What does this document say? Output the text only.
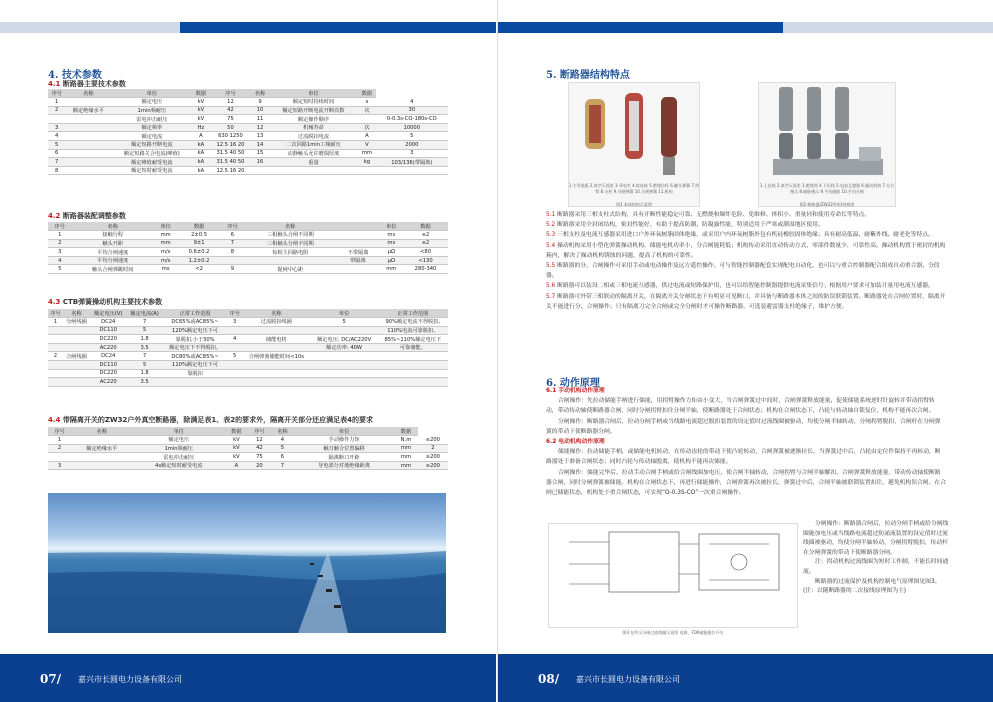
4. 技术参数
4.1 断路器主要技术参数
序号	名称	单位	数据	序号	名称	单位	数据	
1		额定电压	kV	12	9	额定短时持续时间	s	4
2	额定绝缘水平	1min频耐压	kV	42	10	额定短路开断电流开断次数	次	30
		雷电冲击耐压	kV	75	11	额定操作顺序		0-0.3s-CO-180s-CO
3		额定频率	Hz	50	12	机械寿命	次	10000
4		额定电流	A	630 1250	13	过流脱扣电流	A	5
5		额定短路开断电流	kA	12.5 16 20	14	二次回路1min工频耐压	V	2000
6		额定短路关合电流(峰值)	kA	31.5 40 50	15	动静触头允许磨损厚度	mm	3
7		额定峰值耐受电流	kA	31.5 40 50	16	重量	kg	103/136(带隔离)
8		额定短时耐受电流	kA	12.5 16 20				
4.2 断路器装配调整参数
序号	名称	单位	数据	序号	名称		单位	数据
1	接触行程	mm	2±0.5	6	三相触头合闸不同期		ms	≤2
2	触头开距	mm	9±1	7	三相触头分闸不同期		ms	≤2
3	平均合闸速度	m/s	0.6±0.2	8	每相主回路电阻	不带隔离	μΩ	<80
4	平均分闸速度	m/s	1.2±0.2			带隔离	μΩ	<130
5	触头合闸弹跳时间	ms	<2	9	提闸中心距		mm	280-340
4.3 CTB弹簧操动机构主要技术参数
序号	名称	额定电压(V)	额定电流(A)	正常工作范围	序号	名称	单位	正常工作范围
1	分闸线圈	DC24	7	DC65%或AC85%~	3	过流脱扣线圈	5	90%额定电流不得脱扣,
		DC110	5	120%额定电压下可				110%电流可靠脱扣。
		DC220	1.8	靠脱扣,小于30%	4	储能电机	额定电压: DC/AC220V	85%~110%额定电压下
		AC220	3.5	额定电压下不得脱扣。			额定功率: 40W	可靠储能。
2	合闸线圈	DC24	7	DC80%或AC85%~	5	合闸弹簧储能时间<10s		
		DC110	5	110%额定电压下可				
		DC220	1.8	靠脱扣				
		AC220	3.5					
4.4 带隔离开关的ZW32户外真空断路器，除满足表1、表2的要求外，隔离开关部分还应满足表4的要求
序号	名称	单位	数据	序号	名称	单位	数据	
1		额定电压	kV	12	4	手动操作力矩	N.m	≤200
2	额定绝缘水平	1min频耐压	kV	42	5	触刀触合位置偏移	mm	2
		雷电冲击耐压	kV	75	6	隔离断口开距	mm	≥200
3		4s额定短时耐受电流	A	20	7	导电部分对地绝缘距离	mm	≥200
07/ 嘉兴市长圆电力设备有限公司
5. 断路器结构特点
1.主导电板 2.真空灭弧室 3.导电夹 4.软连接 5.绝缘拉杆 6.触头弹簧 7.拐臂 8.支柱 9.分闸弹簧 10.合闸弹簧 11.机构
图1 本体结构示意图
1.上出线 2.真空灭弧室 3.绝缘筒 4.下出线 5.电流互感器 6.操动机构 7.分合指示 8.储能指示 9.手动储能 10.手动分闸
图2 断路器(ZW32外形)结构图
5.1 断路器采用三相支柱式结构，具有开断性能稳定可靠、无燃烧和爆炸危险、免维修、体积小、重量轻和使用寿命长等特点。
5.2 断路器采用全封闭结构，密封性能好，有助于提高防潮、防凝露性能，特别适用于严寒或潮湿地区使用。
5.3 三相支柱及电流互感器采用进口户外环氧树脂固体绝缘，或采用户内环氧树脂外包有机硅橡胶固体绝缘；具有耐高低温、耐紫外线、耐老化等特点。
5.4 操动机构采用小型化弹簧操动机构，储能电机功率小，分合闸能耗低；机构传动采用直动传动方式，零部件数量少，可靠性高。操动机构置于密封的机构箱内，解决了操动机构锈蚀的问题，提高了机构的可靠性。
5.5 断路器的分、合闸操作可采用手动或电动操作及远方遥控操作。可与智能控制器配套实现配电自动化，也可以与重合控制器配合组成自动重合器、分段器。
5.6 断路器可以装设二相或三相电流互感器，供过电流或短路保护用，也可以给智能控制器提供电流采集信号；根据用户要求可加装计量用电流互感器。
5.7 断路器可外带三相联动的隔离开关，在隔离开关分闸状态下有明显可见断口，并具备与断路器本体之间的防误联锁装置。断路器处在合闸位置时，隔离开关不能进行分、合闸操作；只有隔离刀完全合闸或完全分闸时才可操作断路器。可选装避雷器支柱绝缘子，维护方便。
6. 动作原理
6.1 手动机构动作原理
合闸操作：先拉动储能手柄进行储能，用拐臂操作力矩由小变大，当合闸弹簧过中间时，合闸弹簧释放能量，促使储能系统逆时针旋转并带动拐臂转动，带动传动轴使断路器合闸，同时分闸拐臂扣住分闸半轴，使断路器处于合闸状态；机构在合闸状态下，凸轮与转动轴自锁复位，机构不能再次合闸。
分闸操作：断路器合闸后，拉动分闸手柄或当线路电流超过脱扣装置的设定值时过流线圈被驱动，均使分闸半轴转动，分闸拐臂脱扣，合闸杆在分闸弹簧的带动下使断路器分闸。
6.2 电动机构动作原理
储能操作：拉动储能手柄，或储能电机转动，在传动齿轮的带动下使凸轮转动，合闸弹簧被逐渐拉长，当弹簧过中后，凸轮由定位件保持不再转动，断路器处于准备合闸状态；同时凸轮与传动轴脱离，使机构不能再次储能。
合闸操作：储能完毕后，拉动手动合闸手柄或给合闸线圈加电压，使合闸半轴转动，合闸拐臂与合闸半轴解扣，合闸弹簧释放能量，带动传动轴使断路器合闸，同时分闸弹簧被储能。机构在合闸状态下，再进行储能操作，合闸弹簧再次被拉长，弹簧过中后，合闸半轴被联锁装置扣住，避免机构误合闸。在合闸已储能状态，机构处于重合闸状态，可实现“O-0.3S-CO”一次重合闸操作。
图3 在所示分闸过流线圈示意图 电源，FDK储能限位开关
分闸操作：断路器合闸后，拉动分闸手柄或给分闸线圈施加电压或当线路电流超过防涌流装置的设定值时过流线圈被驱动，均使分闸半轴转动，分闸拐臂脱扣，传动杆在分闸弹簧的带动下使断路器分闸。
注：拐动机构过流线圈为短时工作制，不能长时间通流。
断路器的过流保护及机构控制电气原理图见图3。(注：以随断路器的二次接线原理图为主)
08/ 嘉兴市长圆电力设备有限公司
